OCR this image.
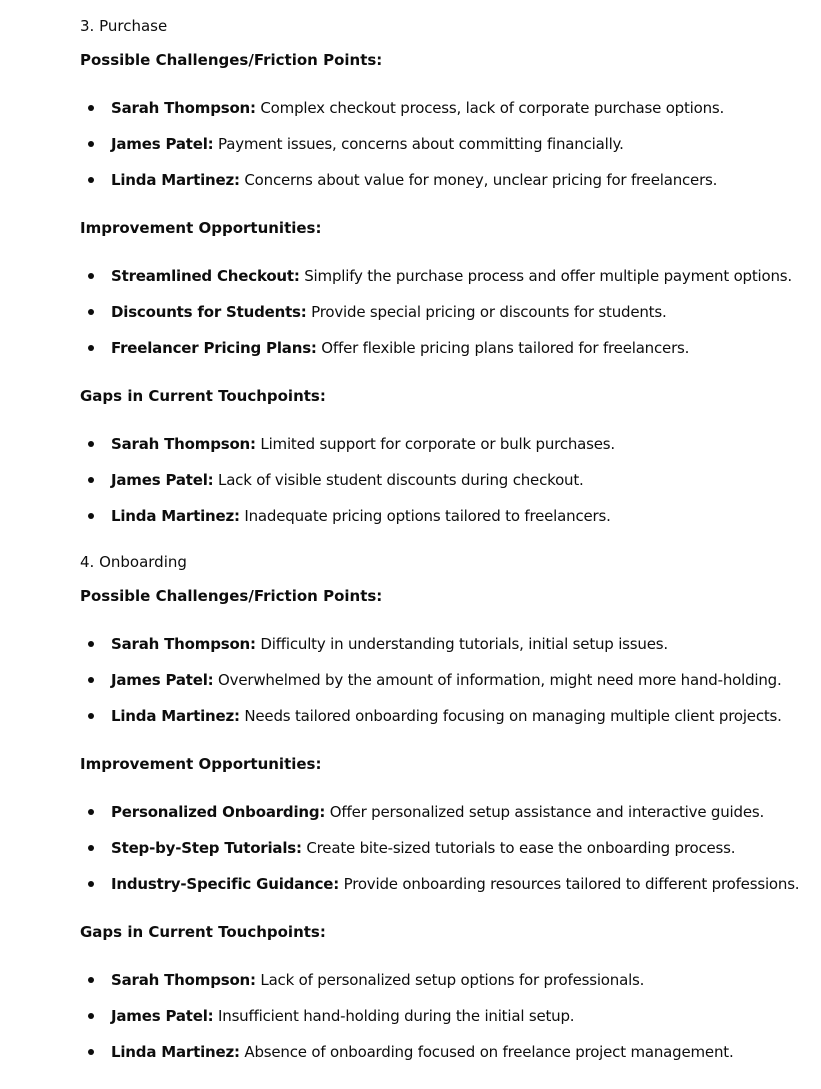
3. Purchase
Possible Challenges/Friction Points:
Sarah Thompson: Complex checkout process, lack of corporate purchase options.
James Patel: Payment issues, concerns about committing financially.
Linda Martinez: Concerns about value for money, unclear pricing for freelancers.
Improvement Opportunities:
Streamlined Checkout: Simplify the purchase process and offer multiple payment options.
Discounts for Students: Provide special pricing or discounts for students.
Freelancer Pricing Plans: Offer flexible pricing plans tailored for freelancers.
Gaps in Current Touchpoints:
Sarah Thompson: Limited support for corporate or bulk purchases.
James Patel: Lack of visible student discounts during checkout.
Linda Martinez: Inadequate pricing options tailored to freelancers.
4. Onboarding
Possible Challenges/Friction Points:
Sarah Thompson: Difficulty in understanding tutorials, initial setup issues.
James Patel: Overwhelmed by the amount of information, might need more hand-holding.
Linda Martinez: Needs tailored onboarding focusing on managing multiple client projects.
Improvement Opportunities:
Personalized Onboarding: Offer personalized setup assistance and interactive guides.
Step-by-Step Tutorials: Create bite-sized tutorials to ease the onboarding process.
Industry-Specific Guidance: Provide onboarding resources tailored to different professions.
Gaps in Current Touchpoints:
Sarah Thompson: Lack of personalized setup options for professionals.
James Patel: Insufficient hand-holding during the initial setup.
Linda Martinez: Absence of onboarding focused on freelance project management.
